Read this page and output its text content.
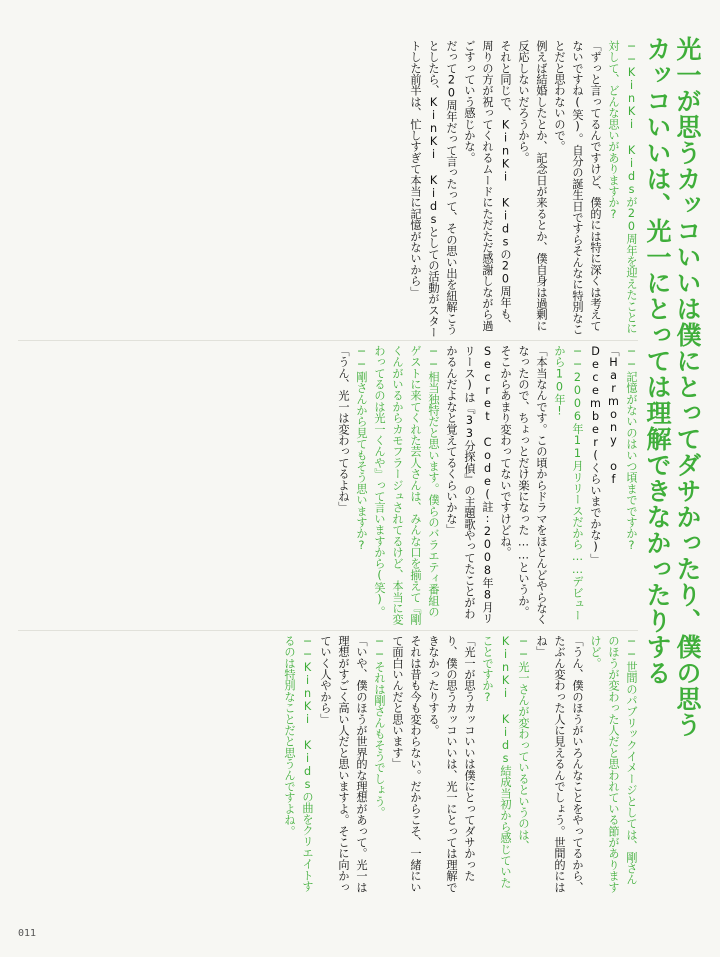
光一が思うカッコいいは僕にとってダサかったり、僕の思うカッコいいは、光一にとっては理解できなかったりする

──KinKi Kidsが20周年を迎えたことに対して、どんな思いがありますか?

「ずっと言ってるんですけど、僕的には特に深くは考えてないですね(笑)。自分の誕生日ですらそんなに特別なことだと思わないので。

例えば結婚したとか、記念日が来るとか、僕自身は過剰に反応しないだろうから。

それと同じで、KinKi Kidsの20周年も、周りの方が祝ってくれるムードにただただ感謝しながら過ごすっていう感じかな。

だって20周年だって言ったって、その思い出を紐解こうとしたら、KinKi Kidsとしての活動がスタートした前半は、忙しすぎて本当に記憶がないから」

──記憶がないのはいつ頃までですか?

「Harmony of December(くらいまでかな)」

──2006年11月リリースだから……デビューから10年!

「本当なんです。この頃からドラマをほとんどやらなくなったので、ちょっとだけ楽になった……というか。そこからあまり変わってないですけどね。

Secret Code(註:2008年8月リリース)は『33分探偵』の主題歌やってたことがわかるんだよなと覚えてるくらいかな」

──相当独特だと思います。僕らのバラエティ番組のゲストに来てくれた芸人さんは、みんな口を揃えて『剛くんがいるからカモフラージュされてるけど、本当に変わってるのは光一くんや』って言いますから(笑)。

──剛さんから見てもそう思いますか?

「うん、光一は変わってるよね」

──世間のパブリックイメージとしては、剛さんのほうが変わった人だと思われている節がありますけど。

「うん、僕のほうがいろんなことをやってるから、たぶん変わった人に見えるんでしょう。世間的にはね」

──光一さんが変わっているというのは、KinKi Kids結成当初から感じていたことですか?

「光一が思うカッコいいは僕にとってダサかったり、僕の思うカッコいいは、光一にとっては理解できなかったりする。

それは昔も今も変わらない。だからこそ、一緒にいて面白いんだと思います」

──それは剛さんもそうでしょう。

「いや、僕のほうが世界的な理想があって。光一は理想がすごく高い人だと思いますよ。そこに向かっていく人やから」

──KinKi Kidsの曲をクリエイトするのは特別なことだと思うんですよね。

011
